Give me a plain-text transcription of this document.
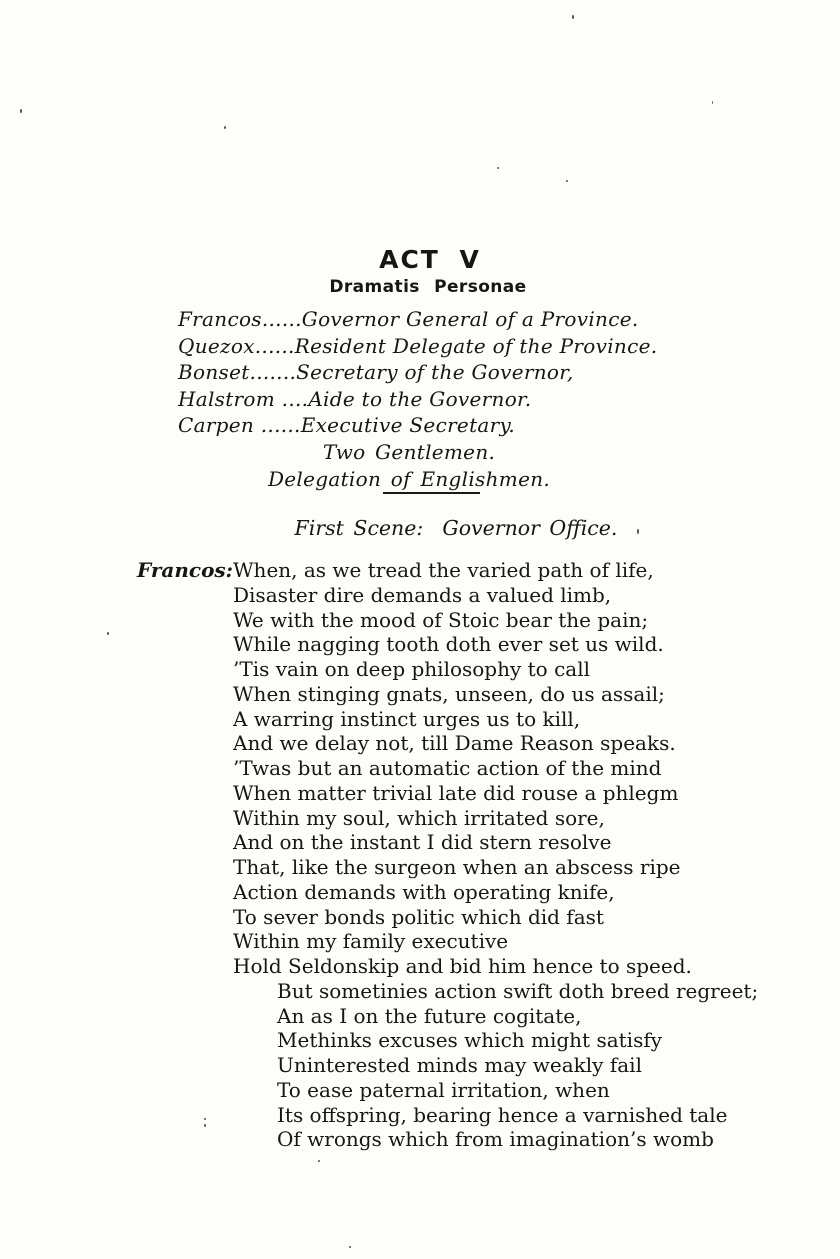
ACT V
Dramatis Personae
Francos......Governor General of a Province.
Quezox......Resident Delegate of the Province.
Bonset.......Secretary of the Governor,
Halstrom ....Aide to the Governor.
Carpen ......Executive Secretary.
Two Gentlemen.
Delegation of Englishmen.
First Scene:  Governor Office.
Francos: When, as we tread the varied path of life,
Disaster dire demands a valued limb,
We with the mood of Stoic bear the pain;
While nagging tooth doth ever set us wild.
’Tis vain on deep philosophy to call
When stinging gnats, unseen, do us assail;
A warring instinct urges us to kill,
And we delay not, till Dame Reason speaks.
’Twas but an automatic action of the mind
When matter trivial late did rouse a phlegm
Within my soul, which irritated sore,
And on the instant I did stern resolve
That, like the surgeon when an abscess ripe
Action demands with operating knife,
To sever bonds politic which did fast
Within my family executive
Hold Seldonskip and bid him hence to speed.
But sometinies action swift doth breed regreet;
An as I on the future cogitate,
Methinks excuses which might satisfy
Uninterested minds may weakly fail
To ease paternal irritation, when
Its offspring, bearing hence a varnished tale
Of wrongs which from imagination’s womb
